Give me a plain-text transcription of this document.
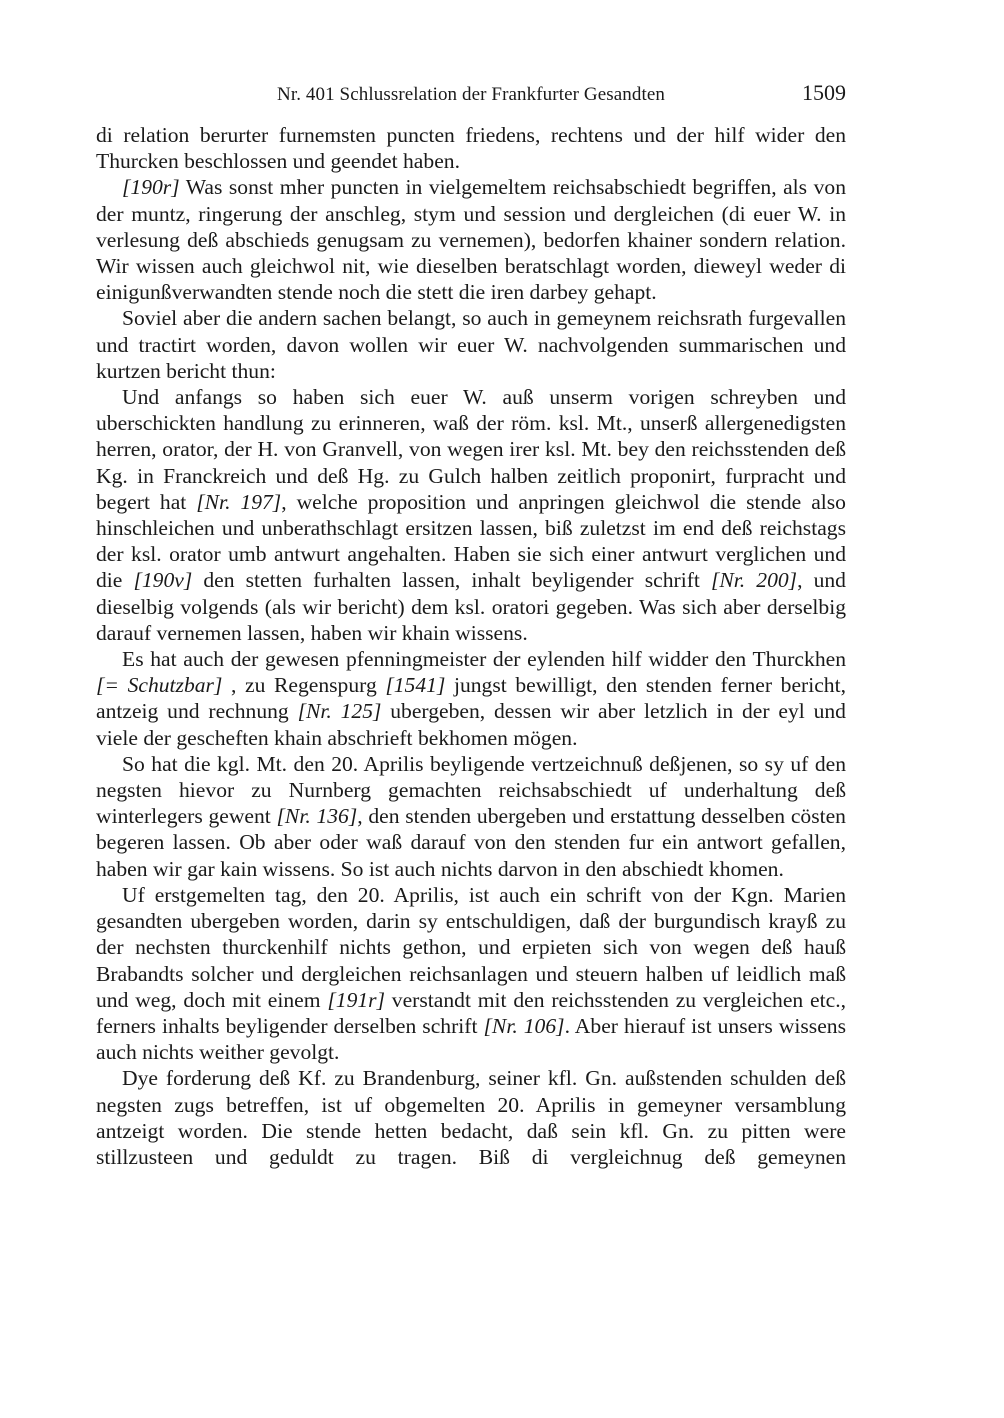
Nr. 401 Schlussrelation der Frankfurter Gesandten	1509

di relation berurter furnemsten puncten friedens, rechtens und der hilf wider den Thurcken beschlossen und geendet haben.

[190r] Was sonst mher puncten in vielgemeltem reichsabschiedt begriffen, als von der muntz, ringerung der anschleg, stym und session und dergleichen (di euer W. in verlesung deß abschieds genugsam zu vernemen), bedorfen khainer sondern relation. Wir wissen auch gleichwol nit, wie dieselben beratschlagt worden, dieweyl weder di einigunßverwandten stende noch die stett die iren darbey gehapt.

Soviel aber die andern sachen belangt, so auch in gemeynem reichsrath furgevallen und tractirt worden, davon wollen wir euer W. nachvolgenden summarischen und kurtzen bericht thun:

Und anfangs so haben sich euer W. auß unserm vorigen schreyben und uberschickten handlung zu erinneren, waß der röm. ksl. Mt., unserß allergenedigsten herren, orator, der H. von Granvell, von wegen irer ksl. Mt. bey den reichsstenden deß Kg. in Franckreich und deß Hg. zu Gulch halben zeitlich proponirt, furpracht und begert hat [Nr. 197], welche proposition und anpringen gleichwol die stende also hinschleichen und unberathschlagt ersitzen lassen, biß zuletzst im end deß reichstags der ksl. orator umb antwurt angehalten. Haben sie sich einer antwurt verglichen und die [190v] den stetten furhalten lassen, inhalt beyligender schrift [Nr. 200], und dieselbig volgends (als wir bericht) dem ksl. oratori gegeben. Was sich aber derselbig darauf vernemen lassen, haben wir khain wissens.

Es hat auch der gewesen pfenningmeister der eylenden hilf widder den Thurckhen [= Schutzbar] , zu Regenspurg [1541] jungst bewilligt, den stenden ferner bericht, antzeig und rechnung [Nr. 125] ubergeben, dessen wir aber letzlich in der eyl und viele der gescheften khain abschrieft bekhomen mögen.

So hat die kgl. Mt. den 20. Aprilis beyligende vertzeichnuß deßjenen, so sy uf den negsten hievor zu Nurnberg gemachten reichsabschiedt uf underhaltung deß winterlegers gewent [Nr. 136], den stenden ubergeben und erstattung desselben cösten begeren lassen. Ob aber oder waß darauf von den stenden fur ein antwort gefallen, haben wir gar kain wissens. So ist auch nichts darvon in den abschiedt khomen.

Uf erstgemelten tag, den 20. Aprilis, ist auch ein schrift von der Kgn. Marien gesandten ubergeben worden, darin sy entschuldigen, daß der burgundisch krayß zu der nechsten thurckenhilf nichts gethon, und erpieten sich von wegen deß hauß Brabandts solcher und dergleichen reichsanlagen und steuern halben uf leidlich maß und weg, doch mit einem [191r] verstandt mit den reichsstenden zu vergleichen etc., ferners inhalts beyligender derselben schrift [Nr. 106]. Aber hierauf ist unsers wissens auch nichts weither gevolgt.

Dye forderung deß Kf. zu Brandenburg, seiner kfl. Gn. außstenden schulden deß negsten zugs betreffen, ist uf obgemelten 20. Aprilis in gemeyner versamblung antzeigt worden. Die stende hetten bedacht, daß sein kfl. Gn. zu pitten were stillzusteen und geduldt zu tragen. Biß di vergleichnug deß gemeynen
